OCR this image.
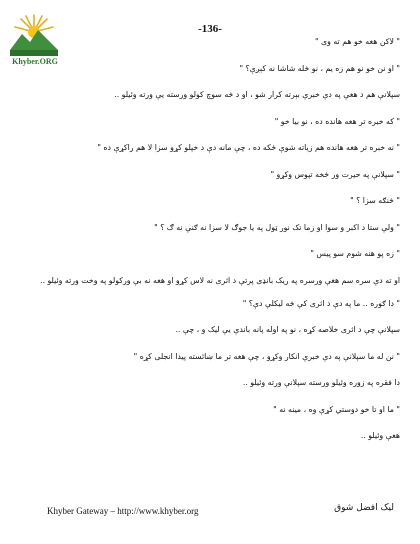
Khyber.ORG
-136-

" لاکن هغه خو هم ته وی "

" او نن خو نو هم زه یم ، نو څله شاشا نه کېږې؟ "

سپلانې هم د هغې په دې خبرې بېرته کرار شو ، او د څه سوچ کولو ورسته یې ورته وئیلو ..

" که خبره تر هغه هانده ده ، نو بیا خو "

" نه خبره تر هغه هانده هم زیاته شوې ځکه ده ، چې مانه دې د خپلو کړو سزا لا هم راکړې ده "

" سپلانې په حیرت ور څخه تپوس وکړو "

" څنګه سزا ؟ "

" ولې ستا د اکبر و سوا او زما تک نور ټول په یا جوګ لا سزا نه ګنې نه ګ ؟ "

" زه پو هنه شوم سو پیس "

او ته دې سره سم هغې ورسره په ریک بانډی پرتې د اثری نه لاس کړو او هغه نه بې ورکولو په وخت ورته وئیلو ..

" دا ګوره .. ما په دې د اثری کې څه لیکلې دې؟ "

سپلانې چې د اثری خلاصه کړه ، نو په اوله پانه باندې یې لیک و ، چې ..

" نن له ما سپلانې په دې خبرې انکار وکړو ، چې هغه تر ما ښائسته پیدا انجلی کړه "

دا فقره په زوره وئیلو ورسته سپلانې ورته وئیلو ..

" ما او تا خو دوستي کړې وه ، مینه نه "

هغې وئیلو ..

Khyber Gateway – http://www.khyber.org	لیک افضل شوق
